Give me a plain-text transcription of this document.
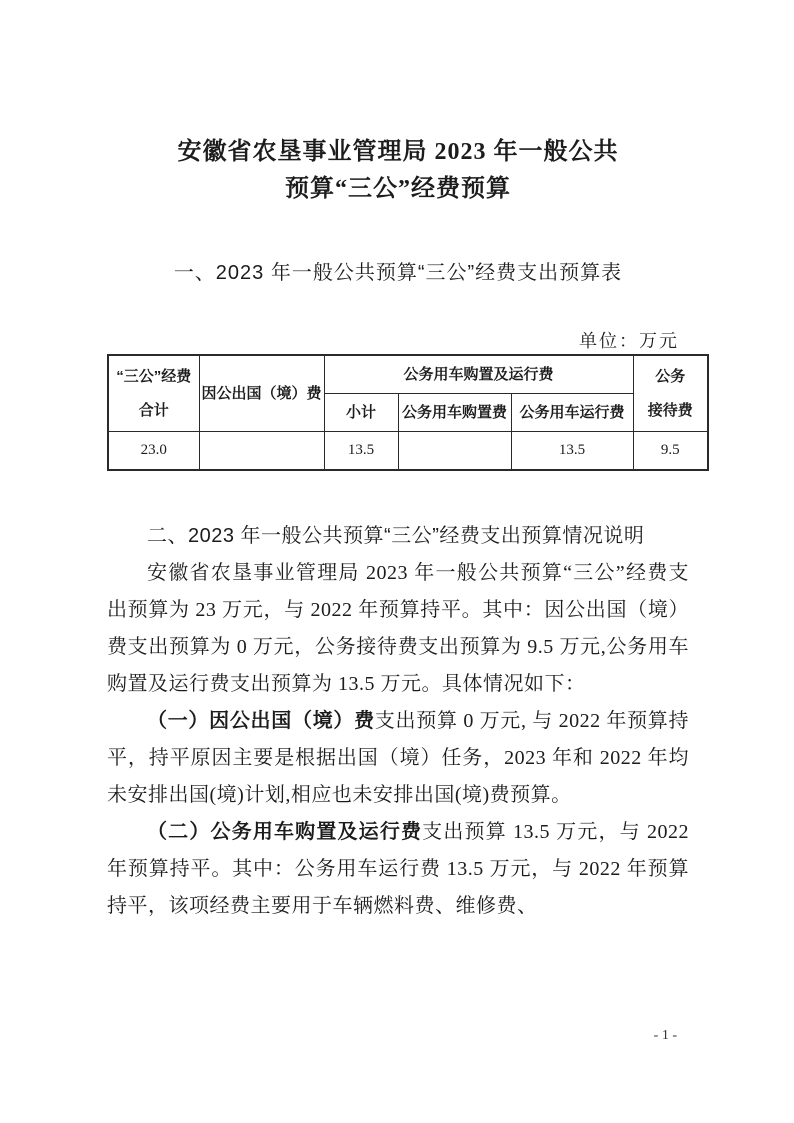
安徽省农垦事业管理局 2023 年一般公共
预算“三公”经费预算
一、2023 年一般公共预算“三公”经费支出预算表
单位：万元
“三公”经费
合计	因公出国（境）费	公务用车购置及运行费			公务
接待费

		小计	公务用车购置费	公务用车运行费	
23.0		13.5		13.5	9.5
二、2023 年一般公共预算“三公”经费支出预算情况说明

安徽省农垦事业管理局 2023 年一般公共预算“三公”经费支出预算为 23 万元，与 2022 年预算持平。其中：因公出国（境）费支出预算为 0 万元，公务接待费支出预算为 9.5 万元,公务用车购置及运行费支出预算为 13.5 万元。具体情况如下：

（一）因公出国（境）费支出预算 0 万元, 与 2022 年预算持平，持平原因主要是根据出国（境）任务，2023 年和 2022 年均未安排出国(境)计划,相应也未安排出国(境)费预算。

（二）公务用车购置及运行费支出预算 13.5 万元，与 2022 年预算持平。其中：公务用车运行费 13.5 万元，与 2022 年预算持平，该项经费主要用于车辆燃料费、维修费、

- 1 -
